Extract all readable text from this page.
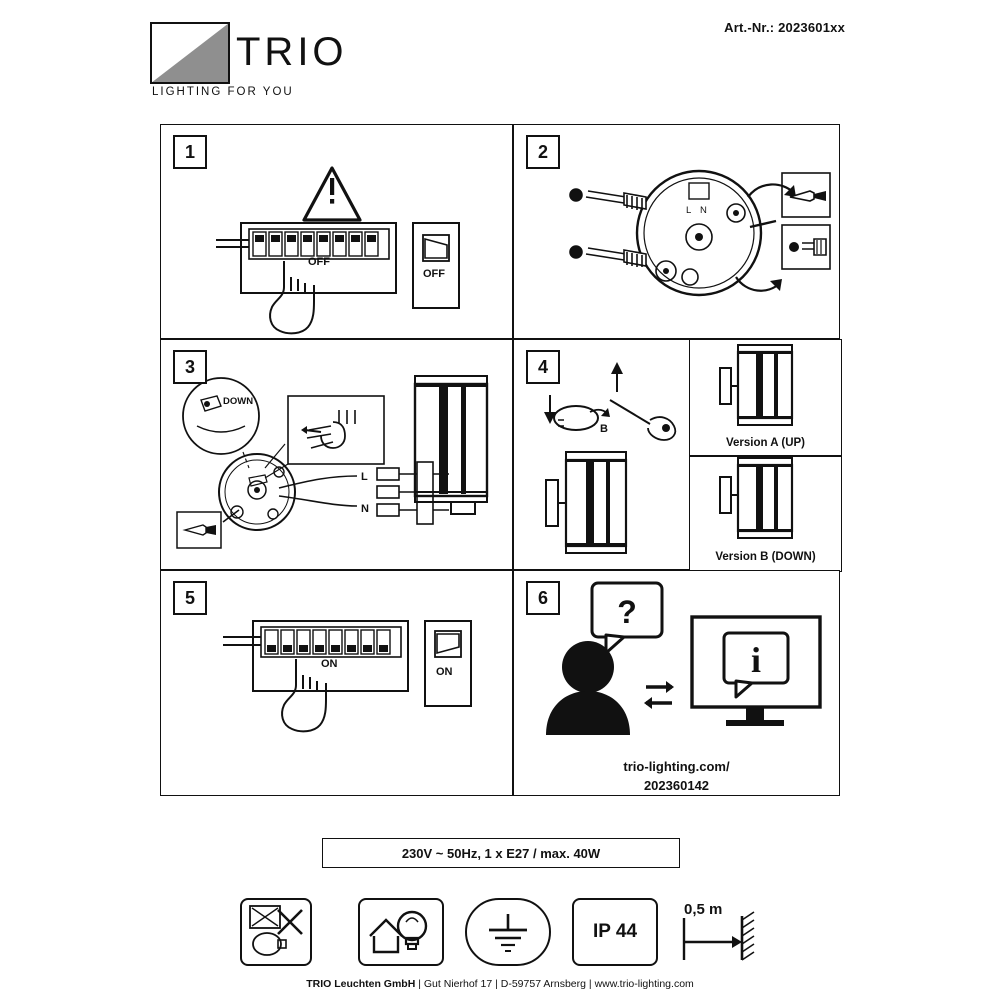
Art.-Nr.: 2023601xx
TRIO
LIGHTING FOR YOU
1
OFF
OFF
2
L N
3
DOWN
L
N
4
B
Version A (UP)
Version B (DOWN)
5
ON
ON
6	?
i
trio-lighting.com/
202360142
230V ~ 50Hz, 1 x E27 / max. 40W
IP 44
0,5 m
TRIO Leuchten GmbH | Gut Nierhof 17 | D-59757 Arnsberg | www.trio-lighting.com
